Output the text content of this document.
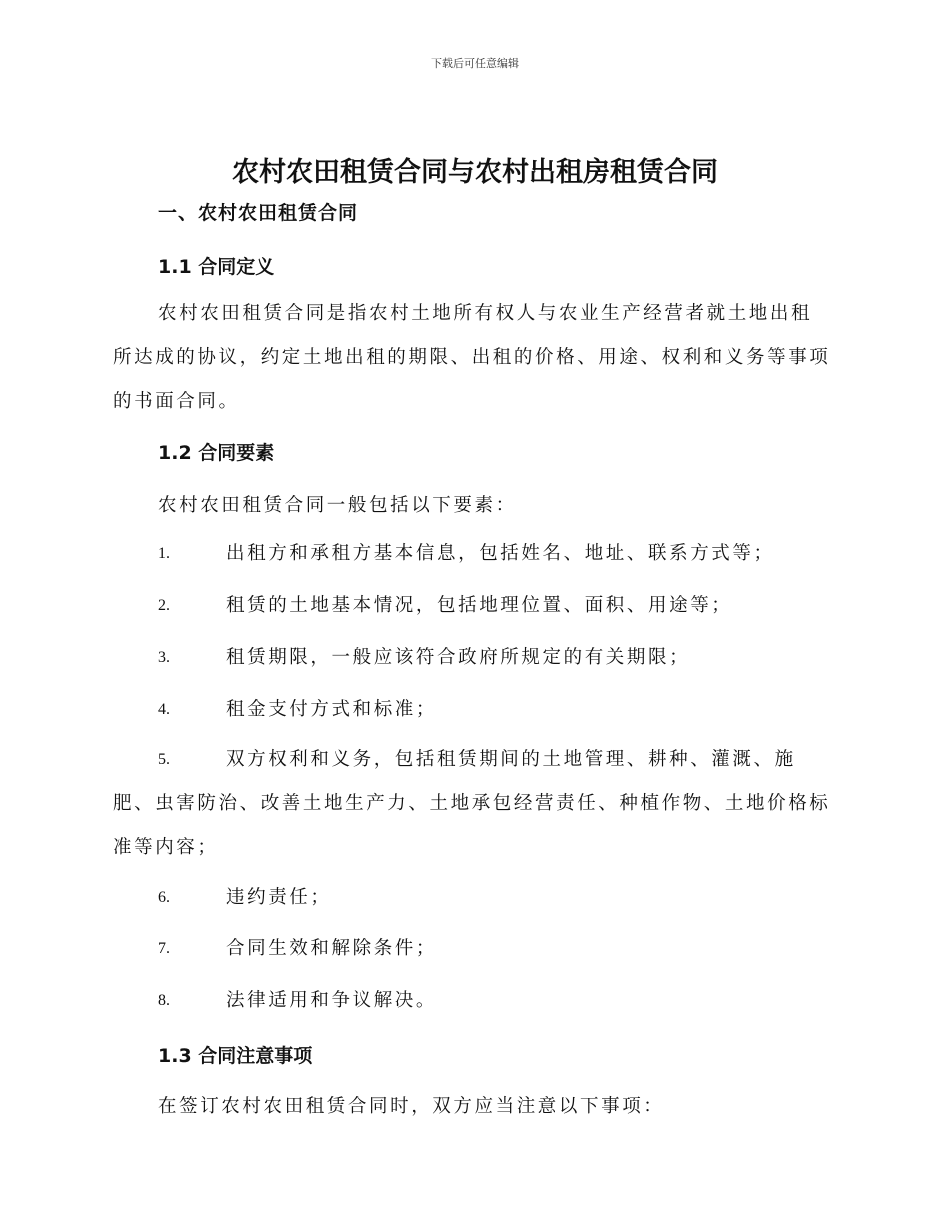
下载后可任意编辑
农村农田租赁合同与农村出租房租赁合同
一、农村农田租赁合同
1.1 合同定义

农村农田租赁合同是指农村土地所有权人与农业生产经营者就土地出租所达成的协议，约定土地出租的期限、出租的价格、用途、权利和义务等事项的书面合同。

1.2 合同要素
农村农田租赁合同一般包括以下要素：
1.	出租方和承租方基本信息，包括姓名、地址、联系方式等；
2.	租赁的土地基本情况，包括地理位置、面积、用途等；
3.	租赁期限，一般应该符合政府所规定的有关期限；
4.	租金支付方式和标准；
5.	双方权利和义务，包括租赁期间的土地管理、耕种、灌溉、施肥、虫害防治、改善土地生产力、土地承包经营责任、种植作物、土地价格标准等内容；
6.	违约责任；
7.	合同生效和解除条件；
8.	法律适用和争议解决。
1.3 合同注意事项
在签订农村农田租赁合同时，双方应当注意以下事项：
